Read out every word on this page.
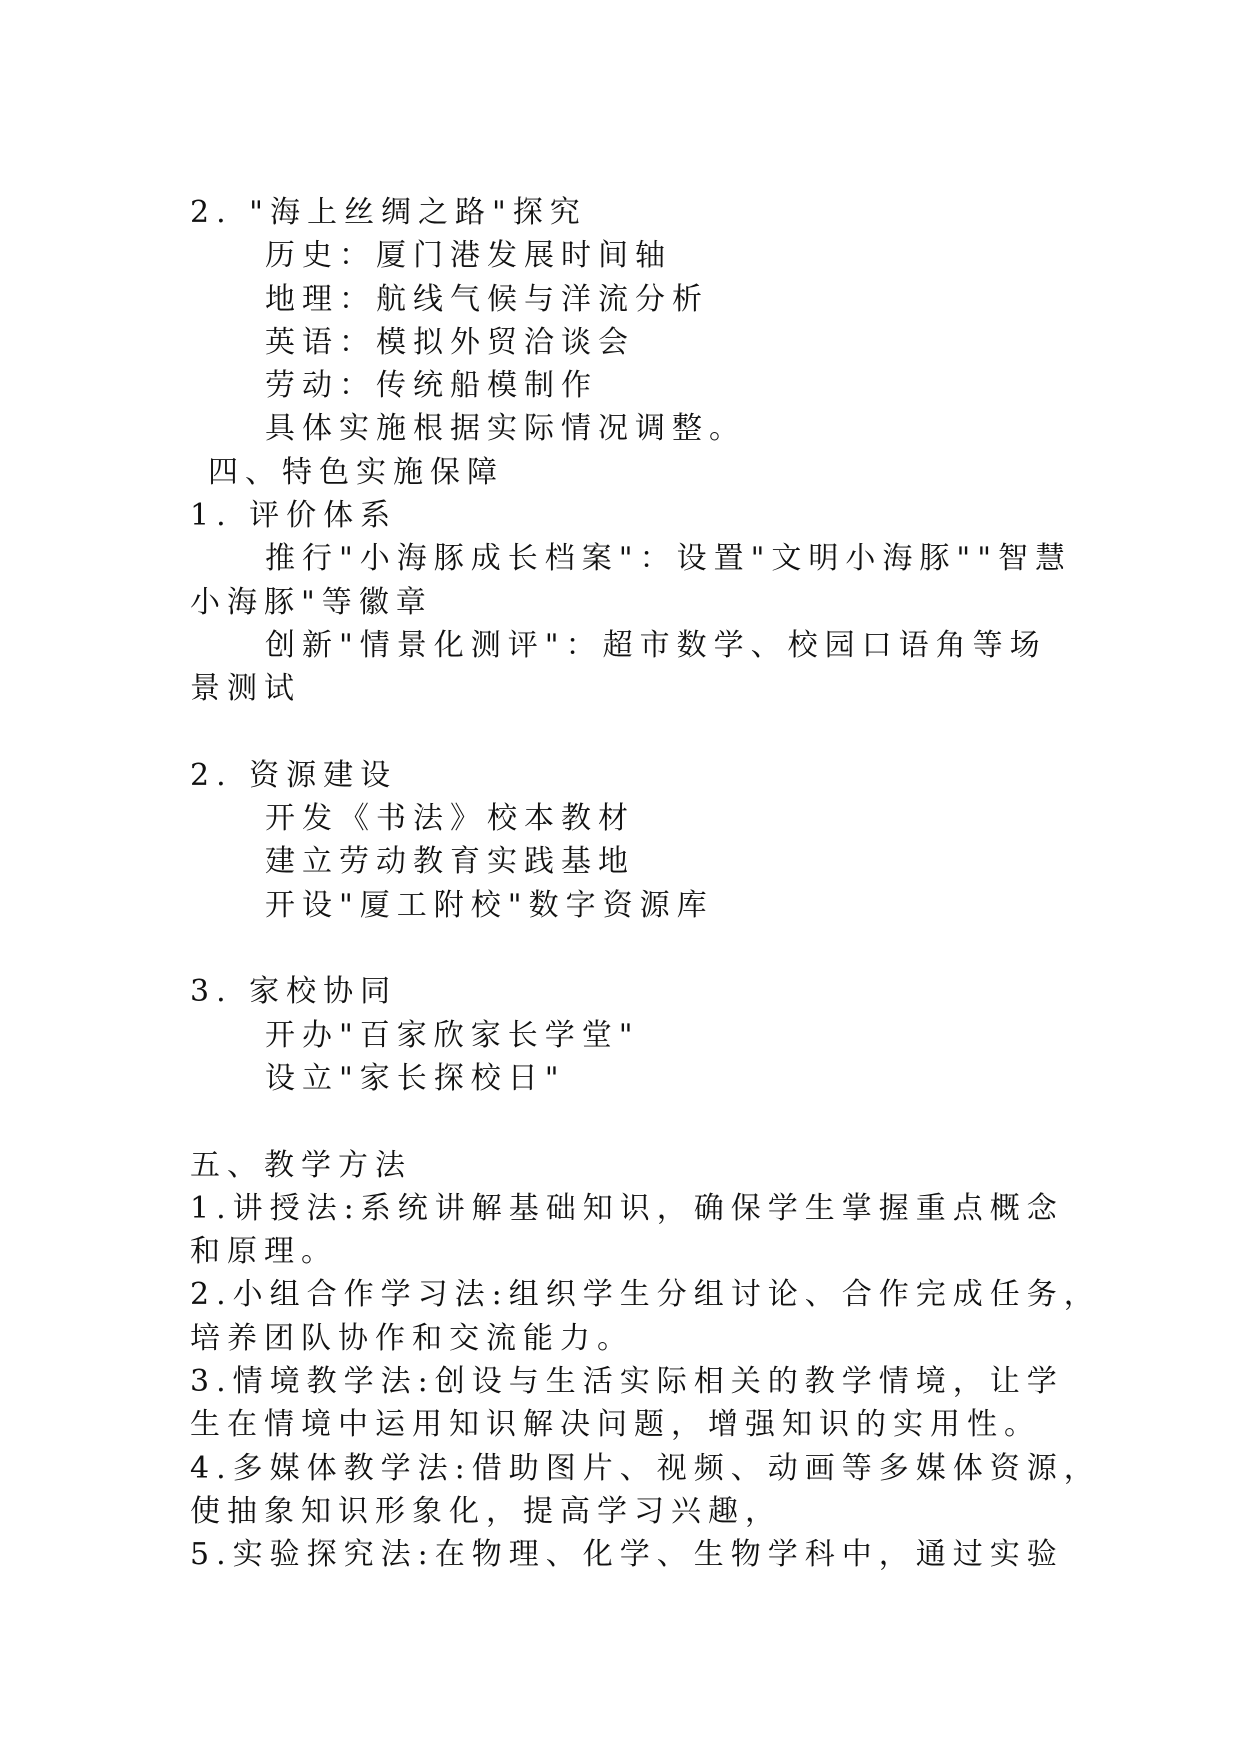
2. "海上丝绸之路"探究
历史：厦门港发展时间轴
地理：航线气候与洋流分析
英语：模拟外贸洽谈会
劳动：传统船模制作
具体实施根据实际情况调整。
四、特色实施保障
1. 评价体系
推行"小海豚成长档案"：设置"文明小海豚""智慧
小海豚"等徽章
创新"情景化测评"：超市数学、校园口语角等场
景测试
2. 资源建设
开发《书法》校本教材
建立劳动教育实践基地
开设"厦工附校"数字资源库
3. 家校协同
开办"百家欣家长学堂"
设立"家长探校日"
五、教学方法
1.讲授法:系统讲解基础知识，确保学生掌握重点概念
和原理。
2.小组合作学习法:组织学生分组讨论、合作完成任务，
培养团队协作和交流能力。
3.情境教学法:创设与生活实际相关的教学情境，让学
生在情境中运用知识解决问题，增强知识的实用性。
4.多媒体教学法:借助图片、视频、动画等多媒体资源，
使抽象知识形象化，提高学习兴趣，
5.实验探究法:在物理、化学、生物学科中，通过实验
